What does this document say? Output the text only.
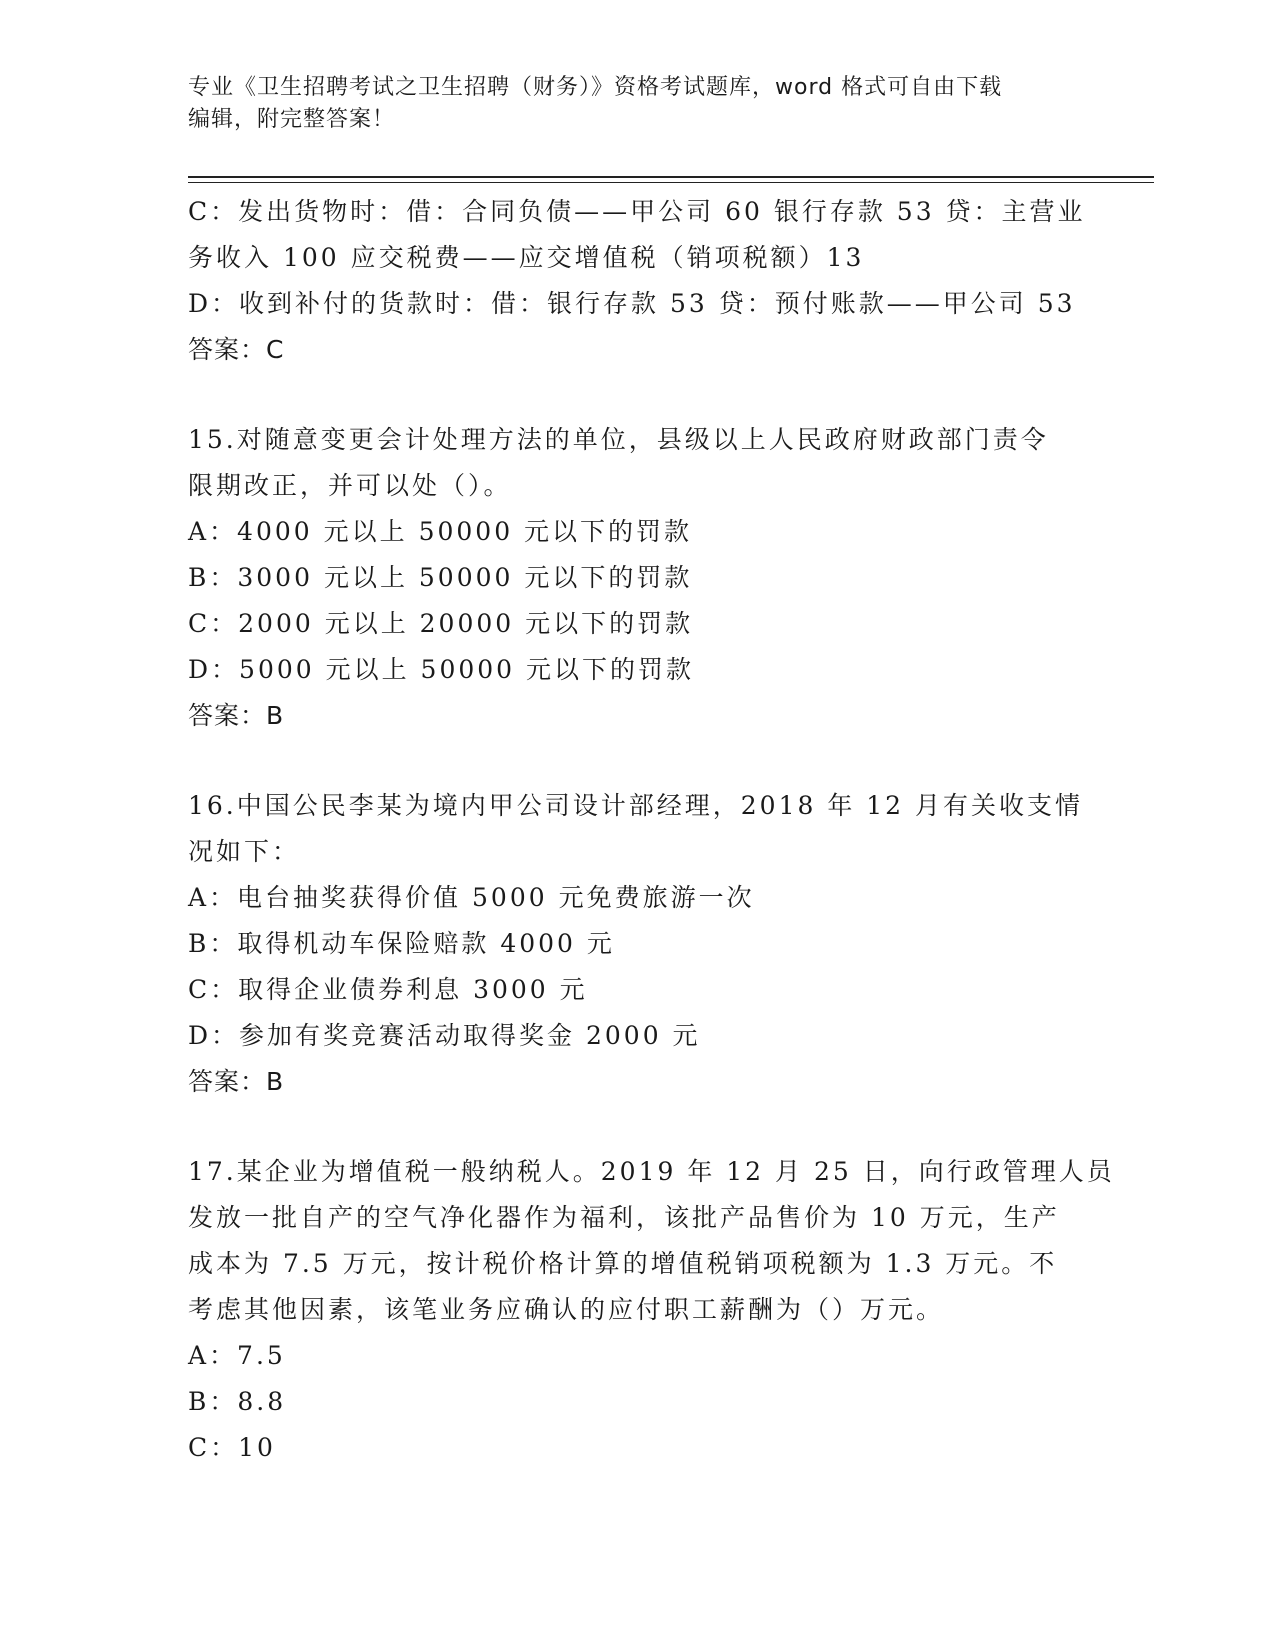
专业《卫生招聘考试之卫生招聘（财务）》资格考试题库，word 格式可自由下载
编辑，附完整答案！
C：发出货物时：借：合同负债——甲公司 60 银行存款 53 贷：主营业
务收入 100 应交税费——应交增值税（销项税额）13
D：收到补付的货款时：借：银行存款 53 贷：预付账款——甲公司 53
答案：C
15.对随意变更会计处理方法的单位，县级以上人民政府财政部门责令
限期改正，并可以处（）。
A：4000 元以上 50000 元以下的罚款
B：3000 元以上 50000 元以下的罚款
C：2000 元以上 20000 元以下的罚款
D：5000 元以上 50000 元以下的罚款
答案：B
16.中国公民李某为境内甲公司设计部经理，2018 年 12 月有关收支情
况如下：
A：电台抽奖获得价值 5000 元免费旅游一次
B：取得机动车保险赔款 4000 元
C：取得企业债券利息 3000 元
D：参加有奖竞赛活动取得奖金 2000 元
答案：B
17.某企业为增值税一般纳税人。2019 年 12 月 25 日，向行政管理人员
发放一批自产的空气净化器作为福利，该批产品售价为 10 万元，生产
成本为 7.5 万元，按计税价格计算的增值税销项税额为 1.3 万元。不
考虑其他因素，该笔业务应确认的应付职工薪酬为（）万元。
A：7.5
B：8.8
C：10
